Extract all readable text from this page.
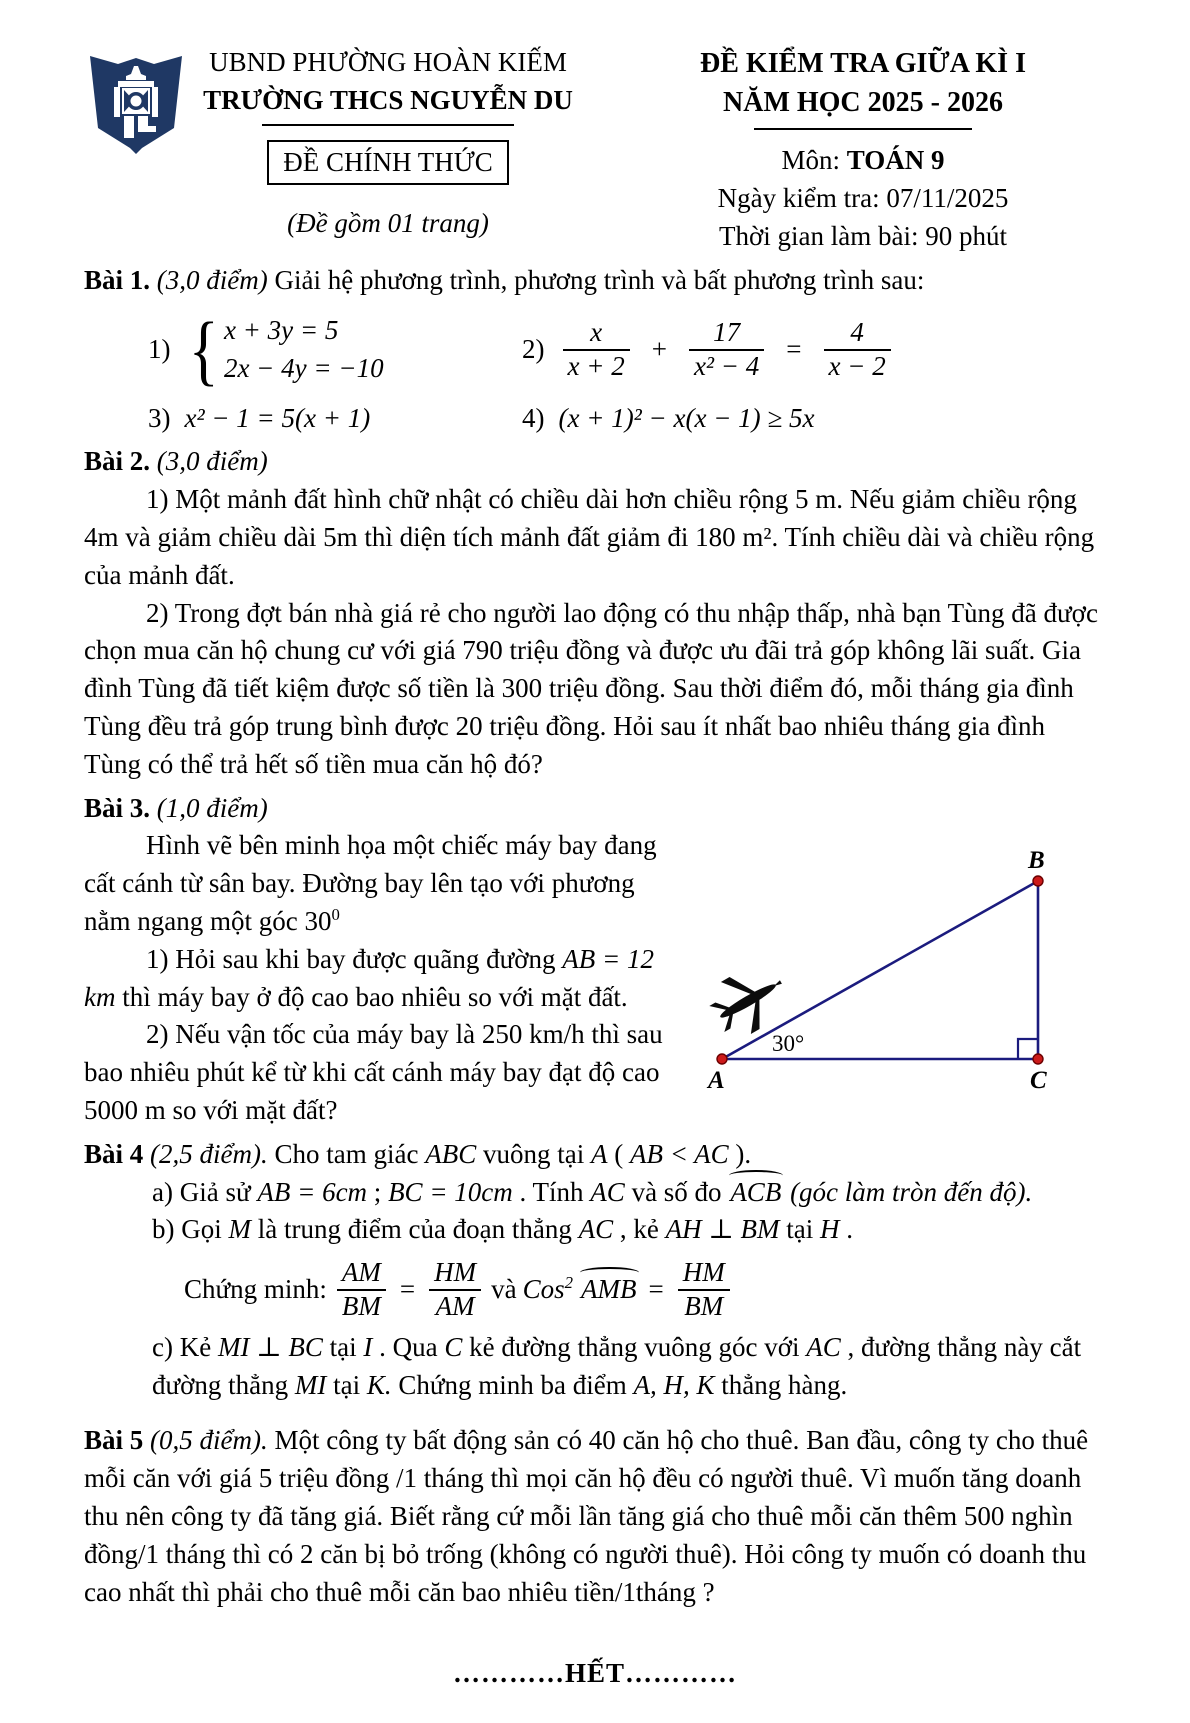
UBND PHƯỜNG HOÀN KIẾM
TRƯỜNG THCS NGUYỄN DU
ĐỀ CHÍNH THỨC
(Đề gồm 01 trang)
ĐỀ KIỂM TRA GIỮA KÌ I
NĂM HỌC 2025 - 2026
Môn: TOÁN 9
Ngày kiểm tra: 07/11/2025
Thời gian làm bài: 90 phút

Bài 1. (3,0 điểm) Giải hệ phương trình, phương trình và bất phương trình sau:

1) { x + 3y = 5
2x − 4y = −10
$2) \frac{x}{x + 2} + \frac{17}{\text{x² − 4}} = \frac{4}{x - 2}$
3) x² − 1 = 5(x + 1)	4) (x + 1)² − x(x − 1) ≥ 5x

Bài 2. (3,0 điểm)

1) Một mảnh đất hình chữ nhật có chiều dài hơn chiều rộng 5 m. Nếu giảm chiều rộng 4m và giảm chiều dài 5m thì diện tích mảnh đất giảm đi 180 m². Tính chiều dài và chiều rộng của mảnh đất.

2) Trong đợt bán nhà giá rẻ cho người lao động có thu nhập thấp, nhà bạn Tùng đã được chọn mua căn hộ chung cư với giá 790 triệu đồng và được ưu đãi trả góp không lãi suất. Gia đình Tùng đã tiết kiệm được số tiền là 300 triệu đồng. Sau thời điểm đó, mỗi tháng gia đình Tùng đều trả góp trung bình được 20 triệu đồng. Hỏi sau ít nhất bao nhiêu tháng gia đình Tùng có thể trả hết số tiền mua căn hộ đó?

Bài 3. (1,0 điểm)

Hình vẽ bên minh họa một chiếc máy bay đang cất cánh từ sân bay. Đường bay lên tạo với phương nằm ngang một góc $30^0$

1) Hỏi sau khi bay được quãng đường AB = 12 km thì máy bay ở độ cao bao nhiêu so với mặt đất.

2) Nếu vận tốc của máy bay là 250 km/h thì sau bao nhiêu phút kể từ khi cất cánh máy bay đạt độ cao 5000 m so với mặt đất?

30°
A	C
B

Bài 4 (2,5 điểm). Cho tam giác ABC vuông tại A ( AB < AC ).

a) Giả sử AB = 6cm ; BC = 10cm . Tính AC và số đo ACB (góc làm tròn đến độ).

b) Gọi M là trung điểm của đoạn thẳng AC , kẻ AH ⊥ BM tại H .

Chứng minh: $\frac{AM}{BM} = \frac{HM}{AM}$ và Cos$^2$ AMB = $\frac{HM}{BM}$

c) Kẻ MI ⊥ BC tại I . Qua C kẻ đường thẳng vuông góc với AC , đường thẳng này cắt đường thẳng MI tại K. Chứng minh ba điểm A, H, K thẳng hàng.

Bài 5 (0,5 điểm). Một công ty bất động sản có 40 căn hộ cho thuê. Ban đầu, công ty cho thuê mỗi căn với giá 5 triệu đồng /1 tháng thì mọi căn hộ đều có người thuê. Vì muốn tăng doanh thu nên công ty đã tăng giá. Biết rằng cứ mỗi lần tăng giá cho thuê mỗi căn thêm 500 nghìn đồng/1 tháng thì có 2 căn bị bỏ trống (không có người thuê). Hỏi công ty muốn có doanh thu cao nhất thì phải cho thuê mỗi căn bao nhiêu tiền/1tháng ?

…………HẾT…………
